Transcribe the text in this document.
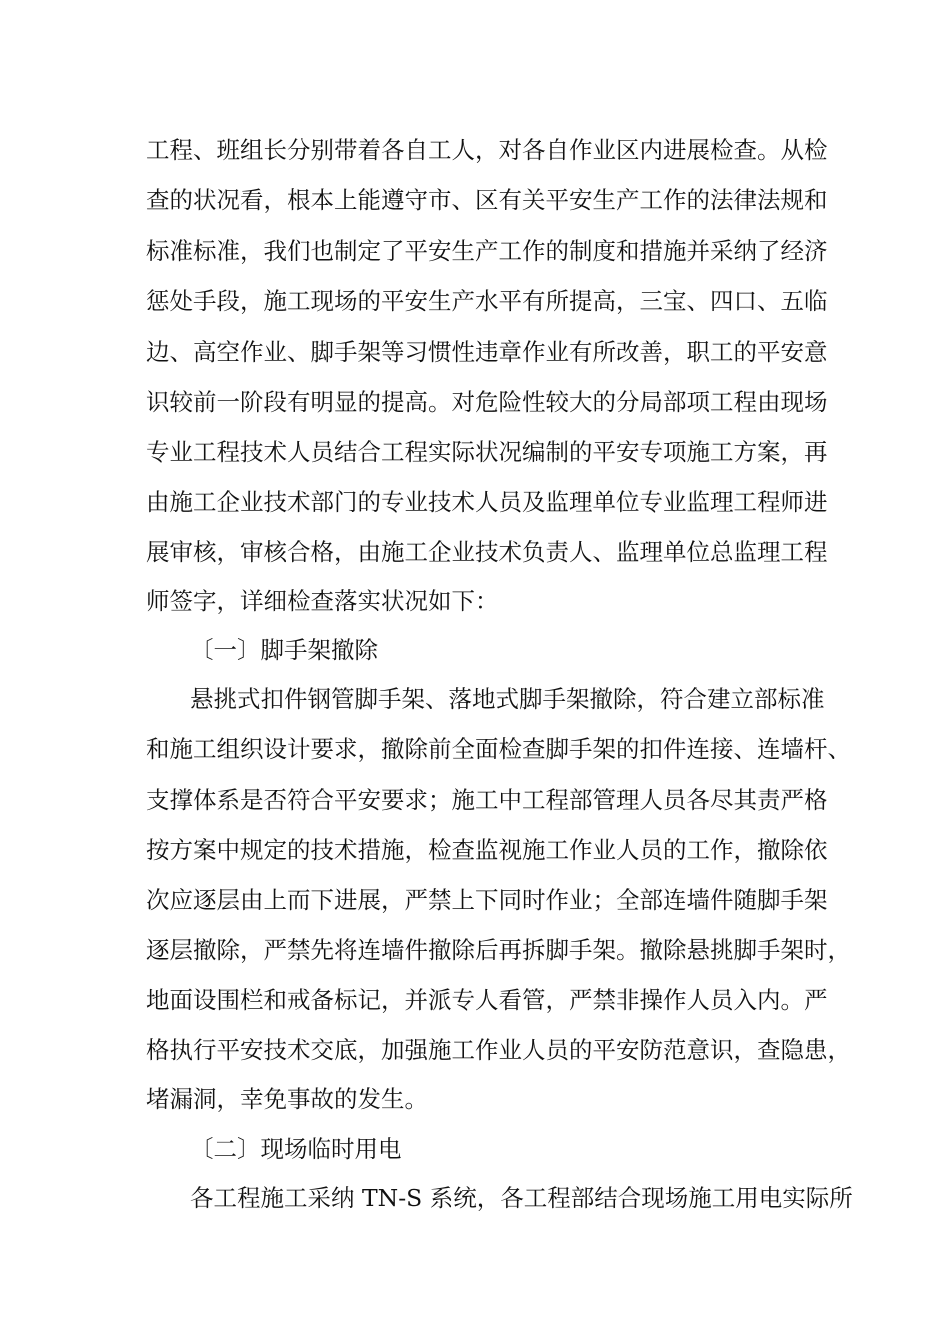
工程、班组长分别带着各自工人，对各自作业区内进展检查。从检
查的状况看，根本上能遵守市、区有关平安生产工作的法律法规和
标准标准，我们也制定了平安生产工作的制度和措施并采纳了经济
惩处手段，施工现场的平安生产水平有所提高，三宝、四口、五临
边、高空作业、脚手架等习惯性违章作业有所改善，职工的平安意
识较前一阶段有明显的提高。对危险性较大的分局部项工程由现场
专业工程技术人员结合工程实际状况编制的平安专项施工方案，再
由施工企业技术部门的专业技术人员及监理单位专业监理工程师进
展审核，审核合格，由施工企业技术负责人、监理单位总监理工程
师签字，详细检查落实状况如下：
〔一〕脚手架撤除
悬挑式扣件钢管脚手架、落地式脚手架撤除，符合建立部标准
和施工组织设计要求，撤除前全面检查脚手架的扣件连接、连墙杆、
支撑体系是否符合平安要求；施工中工程部管理人员各尽其责严格
按方案中规定的技术措施，检查监视施工作业人员的工作，撤除依
次应逐层由上而下进展，严禁上下同时作业；全部连墙件随脚手架
逐层撤除，严禁先将连墙件撤除后再拆脚手架。撤除悬挑脚手架时，
地面设围栏和戒备标记，并派专人看管，严禁非操作人员入内。严
格执行平安技术交底，加强施工作业人员的平安防范意识，查隐患，
堵漏洞，幸免事故的发生。
〔二〕现场临时用电
各工程施工采纳 TN-S 系统，各工程部结合现场施工用电实际所
